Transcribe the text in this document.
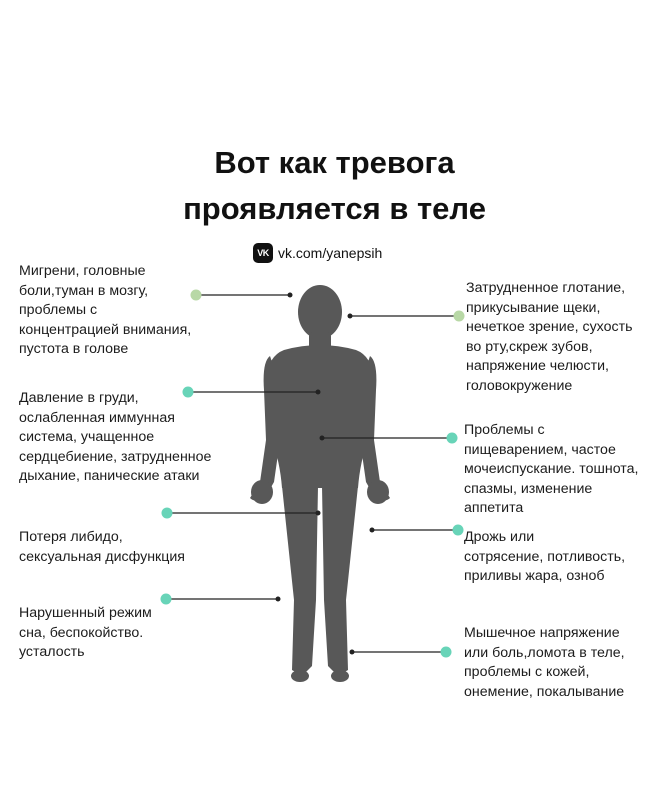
Вот как тревога
проявляется в теле
VK vk.com/yanepsih
Мигрени, головные
боли,туман в мозгу,
проблемы с
концентрацией внимания,
пустота в голове
Давление в груди,
ослабленная иммунная
система, учащенное
сердцебиение, затрудненное
дыхание, панические атаки
Потеря либидо,
сексуальная дисфункция
Нарушенный режим
сна, беспокойство.
усталость
Затрудненное глотание,
прикусывание щеки,
нечеткое зрение, сухость
во рту,скреж зубов,
напряжение челюсти,
головокружение
Проблемы с
пищеварением, частое
мочеиспускание. тошнота,
спазмы, изменение
аппетита
Дрожь или
сотрясение, потливость,
приливы жара, озноб
Мышечное напряжение
или боль,ломота в теле,
проблемы с кожей,
онемение, покалывание
